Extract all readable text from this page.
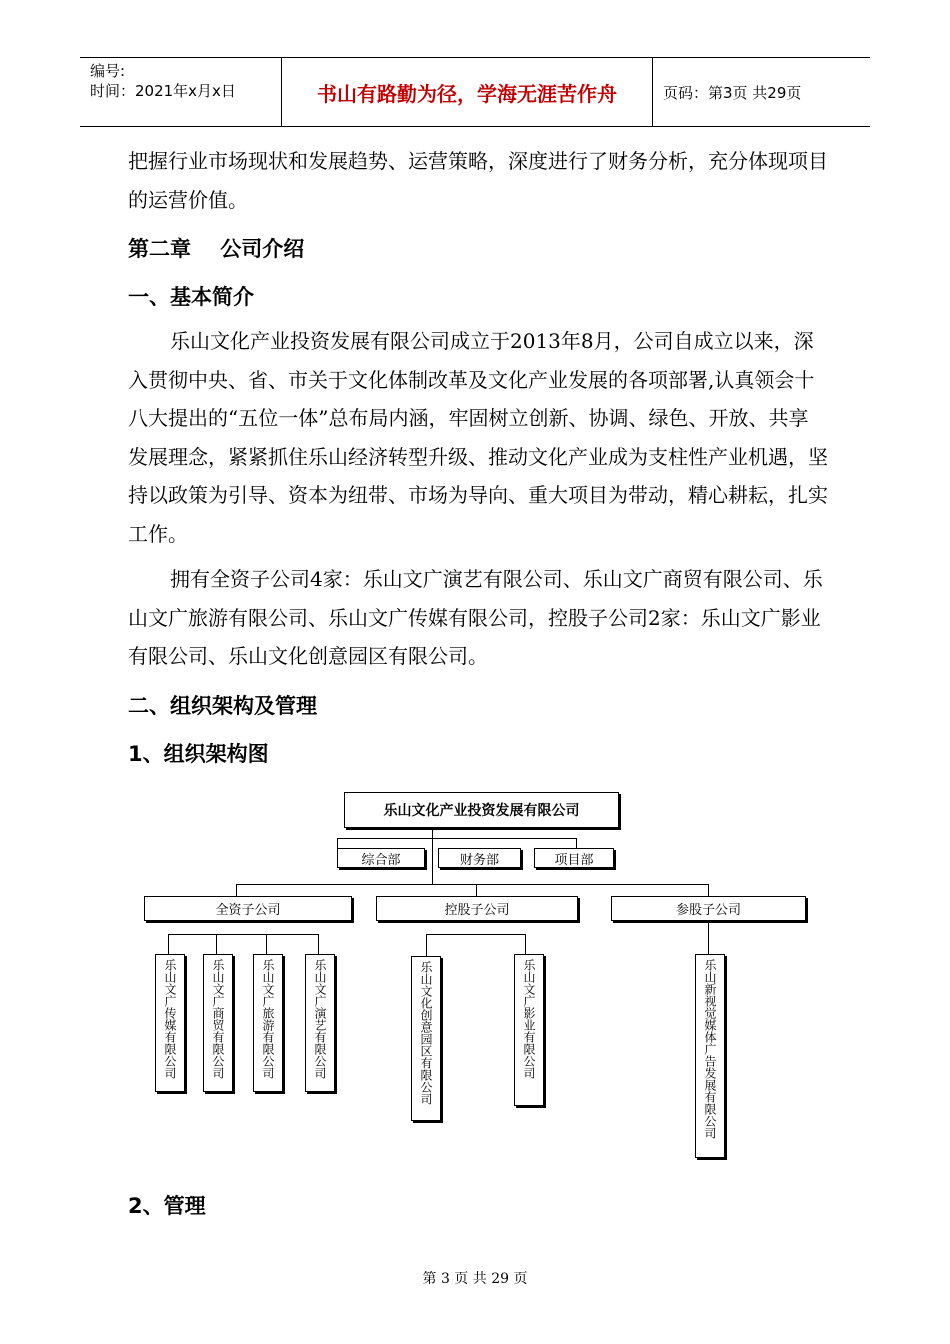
编号:
时间：2021年x月x日	书山有路勤为径，学海无涯苦作舟	页码：第3页 共29页

把握行业市场现状和发展趋势、运营策略，深度进行了财务分析，充分体现项目的运营价值。

第二章    公司介绍

一、基本简介

乐山文化产业投资发展有限公司成立于2013年8月，公司自成立以来，深入贯彻中央、省、市关于文化体制改革及文化产业发展的各项部署,认真领会十八大提出的“五位一体”总布局内涵，牢固树立创新、协调、绿色、开放、共享发展理念，紧紧抓住乐山经济转型升级、推动文化产业成为支柱性产业机遇，坚持以政策为引导、资本为纽带、市场为导向、重大项目为带动，精心耕耘，扎实工作。

拥有全资子公司4家：乐山文广演艺有限公司、乐山文广商贸有限公司、乐山文广旅游有限公司、乐山文广传媒有限公司，控股子公司2家：乐山文广影业有限公司、乐山文化创意园区有限公司。

二、组织架构及管理

1、组织架构图

乐山文化产业投资发展有限公司
综合部	财务部	项目部
全资子公司	控股子公司	参股子公司
乐山文广传媒有限公司	乐山文广商贸有限公司	乐山文广旅游有限公司	乐山文广演艺有限公司	乐山文化创意园区有限公司	乐山文广影业有限公司	乐山新视觉媒体广告发展有限公司

2、管理

第 3 页 共 29 页
